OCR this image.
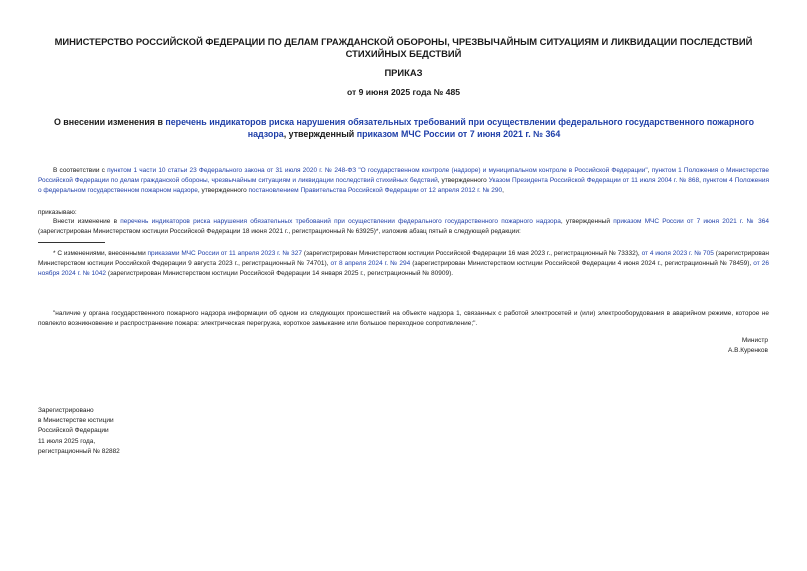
МИНИСТЕРСТВО РОССИЙСКОЙ ФЕДЕРАЦИИ ПО ДЕЛАМ ГРАЖДАНСКОЙ ОБОРОНЫ, ЧРЕЗВЫЧАЙНЫМ СИТУАЦИЯМ И ЛИКВИДАЦИИ ПОСЛЕДСТВИЙ СТИХИЙНЫХ БЕДСТВИЙ
ПРИКАЗ
от 9 июня 2025 года № 485
О внесении изменения в перечень индикаторов риска нарушения обязательных требований при осуществлении федерального государственного пожарного надзора, утвержденный приказом МЧС России от 7 июня 2021 г. № 364
В соответствии с пунктом 1 части 10 статьи 23 Федерального закона от 31 июля 2020 г. № 248-ФЗ "О государственном контроле (надзоре) и муниципальном контроле в Российской Федерации", пунктом 1 Положения о Министерстве Российской Федерации по делам гражданской обороны, чрезвычайным ситуациям и ликвидации последствий стихийных бедствий, утвержденного Указом Президента Российской Федерации от 11 июля 2004 г. № 868, пунктом 4 Положения о федеральном государственном пожарном надзоре, утвержденного постановлением Правительства Российской Федерации от 12 апреля 2012 г. № 290,
приказываю:
Внести изменение в перечень индикаторов риска нарушения обязательных требований при осуществлении федерального государственного пожарного надзора, утвержденный приказом МЧС России от 7 июня 2021 г. № 364 (зарегистрирован Министерством юстиции Российской Федерации 18 июня 2021 г., регистрационный № 63925)*, изложив абзац пятый в следующей редакции:
* С изменениями, внесенными приказами МЧС России от 11 апреля 2023 г. № 327 (зарегистрирован Министерством юстиции Российской Федерации 16 мая 2023 г., регистрационный № 73332), от 4 июля 2023 г. № 705 (зарегистрирован Министерством юстиции Российской Федерации 9 августа 2023 г., регистрационный № 74701), от 8 апреля 2024 г. № 294 (зарегистрирован Министерством юстиции Российской Федерации 4 июня 2024 г., регистрационный № 78459), от 26 ноября 2024 г. № 1042 (зарегистрирован Министерством юстиции Российской Федерации 14 января 2025 г., регистрационный № 80909).
"наличие у органа государственного пожарного надзора информации об одном из следующих происшествий на объекте надзора 1, связанных с работой электросетей и (или) электрооборудования в аварийном режиме, которое не повлекло возникновение и распространение пожара: электрическая перегрузка, короткое замыкание или большое переходное сопротивление;".
Министр
А.В.Куренков
Зарегистрировано
в Министерстве юстиции
Российской Федерации
11 июля 2025 года,
регистрационный № 82882
